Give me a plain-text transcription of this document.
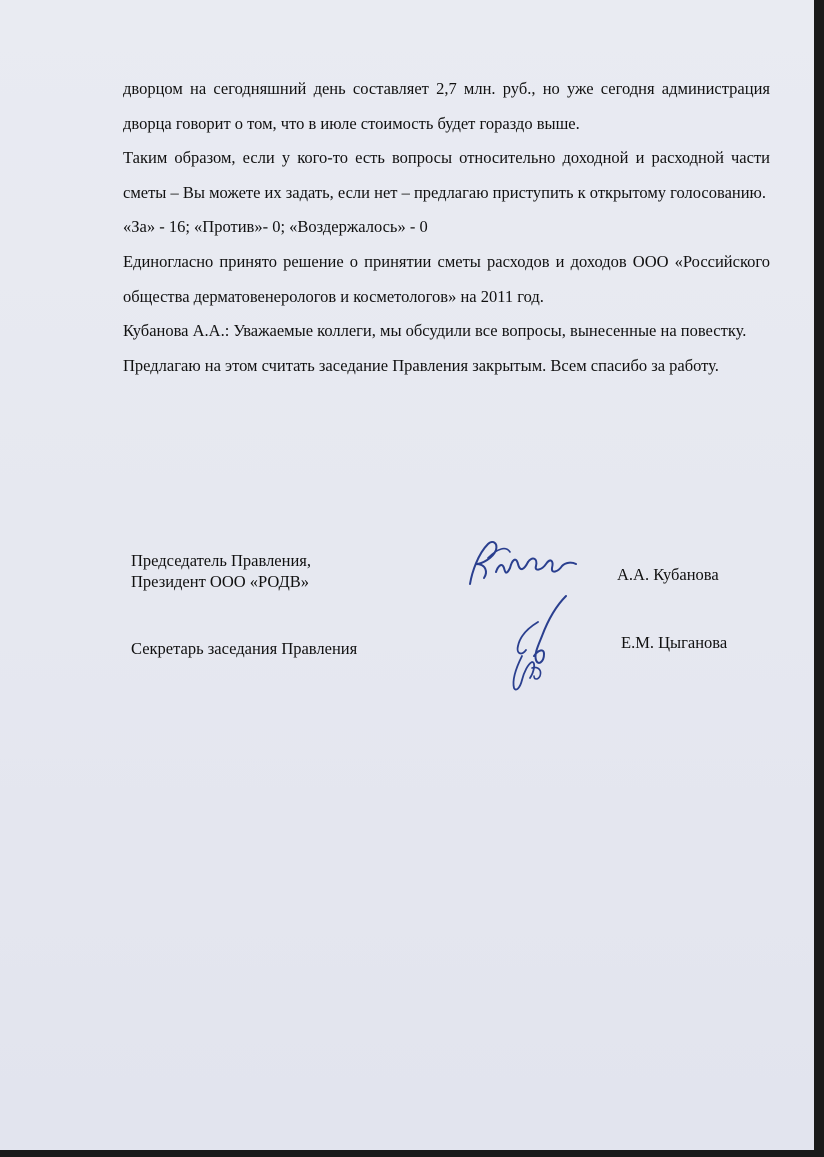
дворцом на сегодняшний день составляет 2,7 млн. руб., но уже сегодня администрация дворца говорит о том, что в июле стоимость будет гораздо выше.

Таким образом, если у кого-то есть вопросы относительно доходной и расходной части сметы – Вы можете их задать, если нет – предлагаю приступить к открытому голосованию.

«За» - 16; «Против»- 0; «Воздержалось» - 0

Единогласно принято решение о принятии сметы расходов и доходов ООО «Российского общества дерматовенерологов и косметологов» на 2011 год.

Кубанова А.А.: Уважаемые коллеги, мы обсудили все вопросы, вынесенные на повестку.

Предлагаю на этом считать заседание Правления закрытым. Всем спасибо за работу.

Председатель Правления,
Президент ООО «РОДВ»	А.А. Кубанова
Секретарь заседания Правления	Е.М. Цыганова
